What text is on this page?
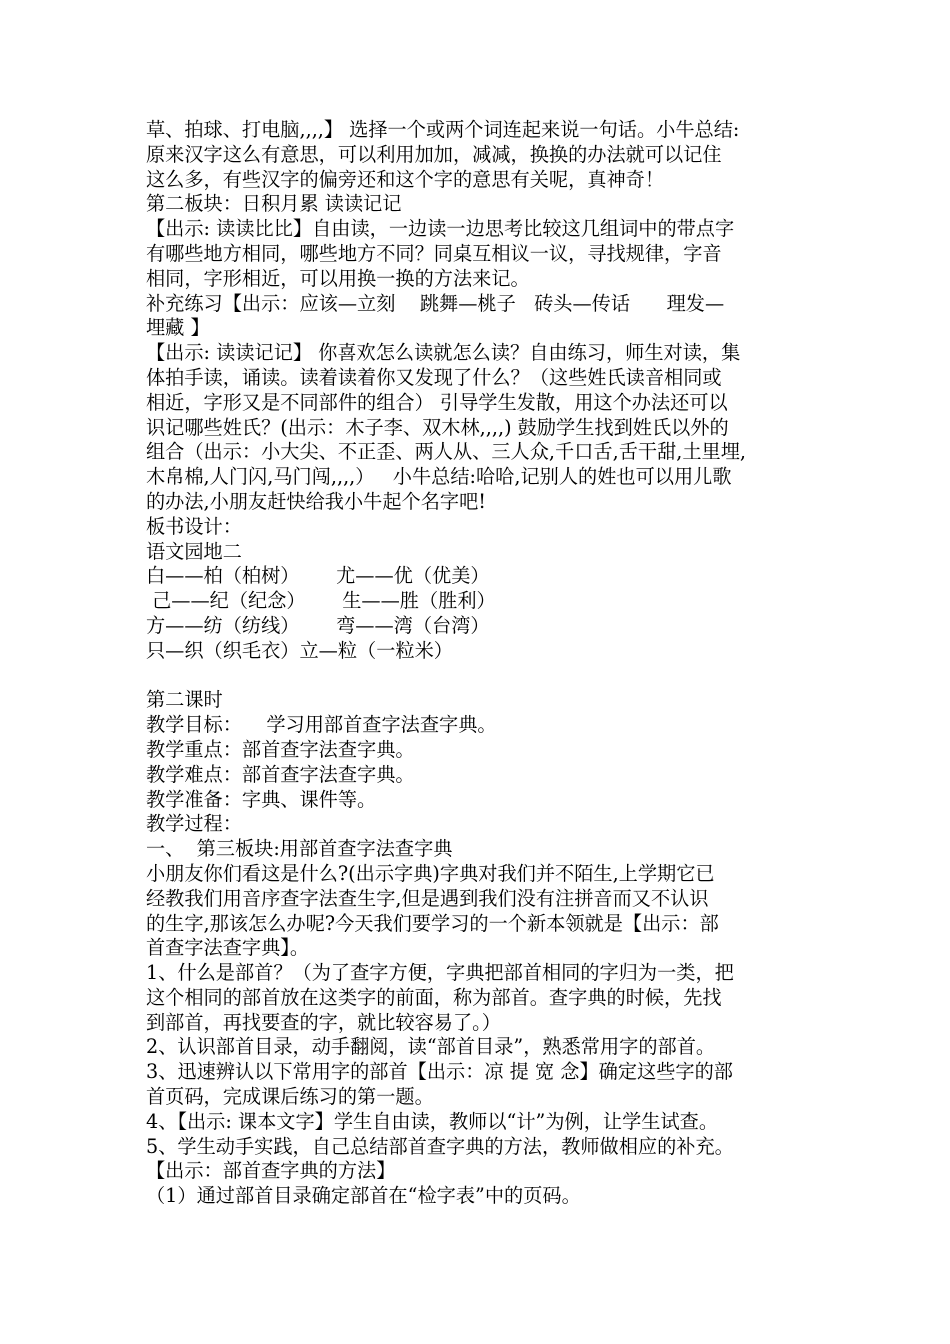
草、拍球、打电脑,,,,】 选择一个或两个词连起来说一句话。小牛总结:
原来汉字这么有意思，可以利用加加，减减，换换的办法就可以记住
这么多，有些汉字的偏旁还和这个字的意思有关呢，真神奇！
第二板块：日积月累 读读记记
【出示: 读读比比】自由读，一边读一边思考比较这几组词中的带点字
有哪些地方相同，哪些地方不同？同桌互相议一议，寻找规律，字音
相同，字形相近，可以用换一换的方法来记。
补充练习【出示：应该—立刻    跳舞—桃子   砖头—传话      理发—
埋藏 】
【出示: 读读记记】 你喜欢怎么读就怎么读？自由练习，师生对读，集
体拍手读，诵读。读着读着你又发现了什么？（这些姓氏读音相同或
相近，字形又是不同部件的组合） 引导学生发散，用这个办法还可以
识记哪些姓氏？(出示：木子李、双木林,,,,) 鼓励学生找到姓氏以外的
组合（出示：小大尖、不正歪、两人从、三人众,千口舌,舌干甜,土里埋,
木帛棉,人门闪,马门闯,,,,）   小牛总结:哈哈,记别人的姓也可以用儿歌
的办法,小朋友赶快给我小牛起个名字吧!
板书设计：
语文园地二
白——柏（柏树）      尤——优（优美）
己——纪（纪念）      生——胜（胜利）
方——纺（纺线）      弯——湾（台湾）
只—织（织毛衣）立—粒（一粒米）
第二课时
教学目标：    学习用部首查字法查字典。
教学重点：部首查字法查字典。
教学难点：部首查字法查字典。
教学准备：字典、课件等。
教学过程：
一、  第三板块:用部首查字法查字典
小朋友你们看这是什么?(出示字典)字典对我们并不陌生,上学期它已
经教我们用音序查字法查生字,但是遇到我们没有注拼音而又不认识
的生字,那该怎么办呢?今天我们要学习的一个新本领就是【出示：部
首查字法查字典】。
1、什么是部首？（为了查字方便，字典把部首相同的字归为一类，把
这个相同的部首放在这类字的前面，称为部首。查字典的时候，先找
到部首，再找要查的字，就比较容易了。）
2、认识部首目录，动手翻阅，读“部首目录”，熟悉常用字的部首。
3、迅速辨认以下常用字的部首【出示：凉 提 宽 念】确定这些字的部
首页码，完成课后练习的第一题。
4、【出示: 课本文字】学生自由读，教师以“计”为例，让学生试查。
5、学生动手实践，自己总结部首查字典的方法，教师做相应的补充。
【出示：部首查字典的方法】
（1）通过部首目录确定部首在“检字表”中的页码。
